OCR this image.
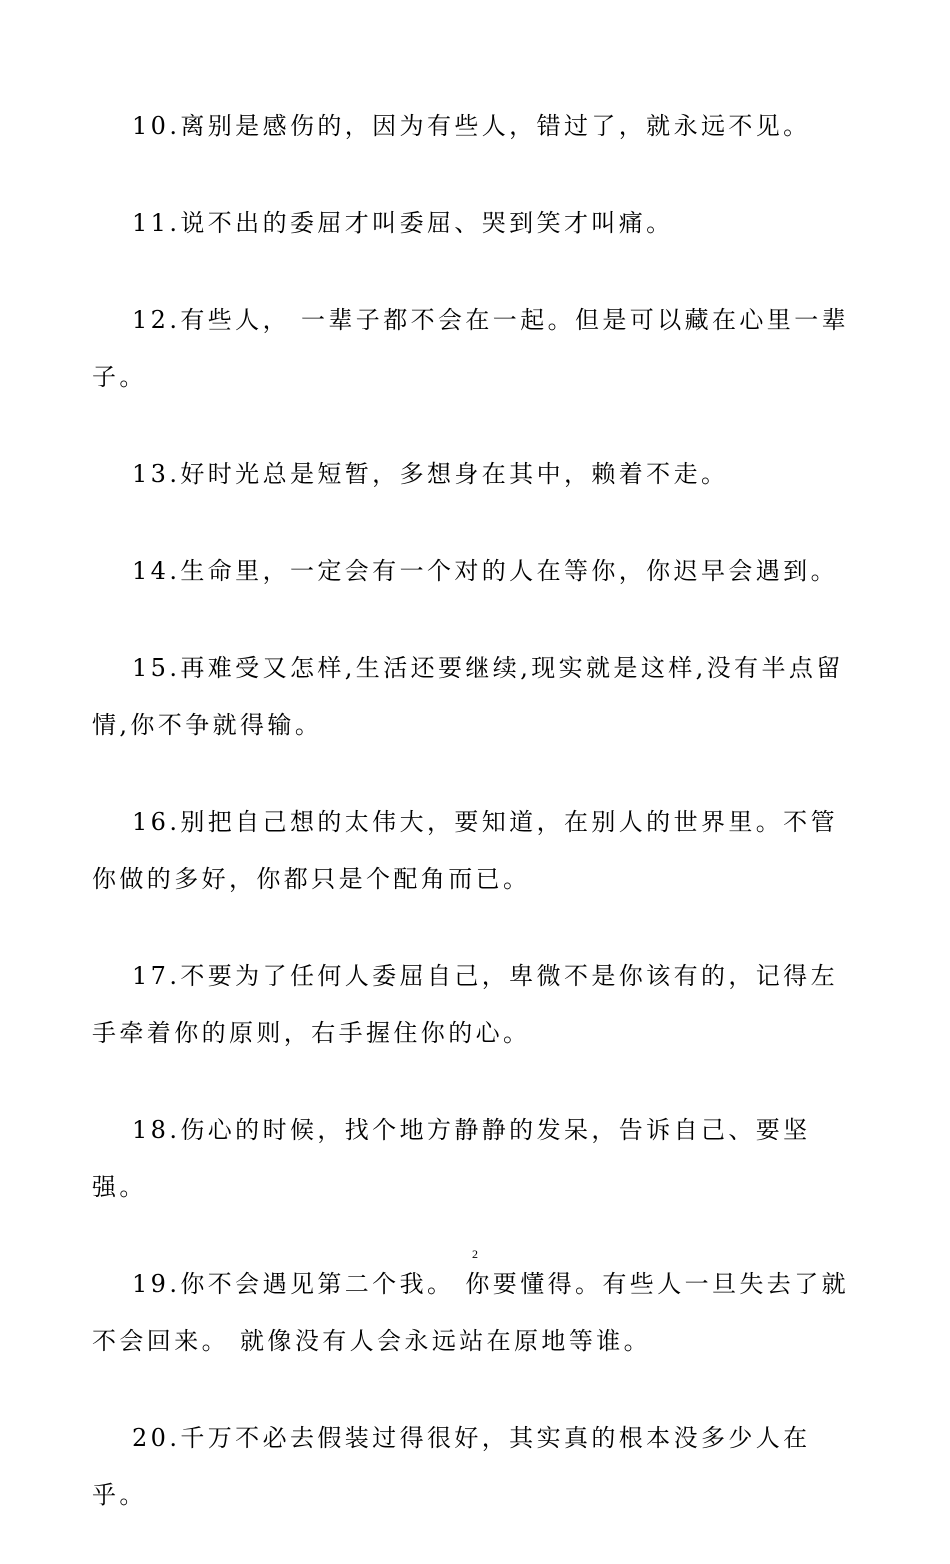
10.离别是感伤的，因为有些人，错过了，就永远不见。

11.说不出的委屈才叫委屈、哭到笑才叫痛。

12.有些人， 一辈子都不会在一起。但是可以藏在心里一辈子。

13.好时光总是短暂，多想身在其中，赖着不走。

14.生命里，一定会有一个对的人在等你，你迟早会遇到。

15.再难受又怎样,生活还要继续,现实就是这样,没有半点留情,你不争就得输。

16.别把自己想的太伟大，要知道，在别人的世界里。不管你做的多好，你都只是个配角而已。

17.不要为了任何人委屈自己，卑微不是你该有的，记得左手牵着你的原则，右手握住你的心。

18.伤心的时候，找个地方静静的发呆，告诉自己、要坚强。

19.你不会遇见第二个我。 你要懂得。有些人一旦失去了就不会回来。 就像没有人会永远站在原地等谁。

20.千万不必去假装过得很好，其实真的根本没多少人在乎。

2
